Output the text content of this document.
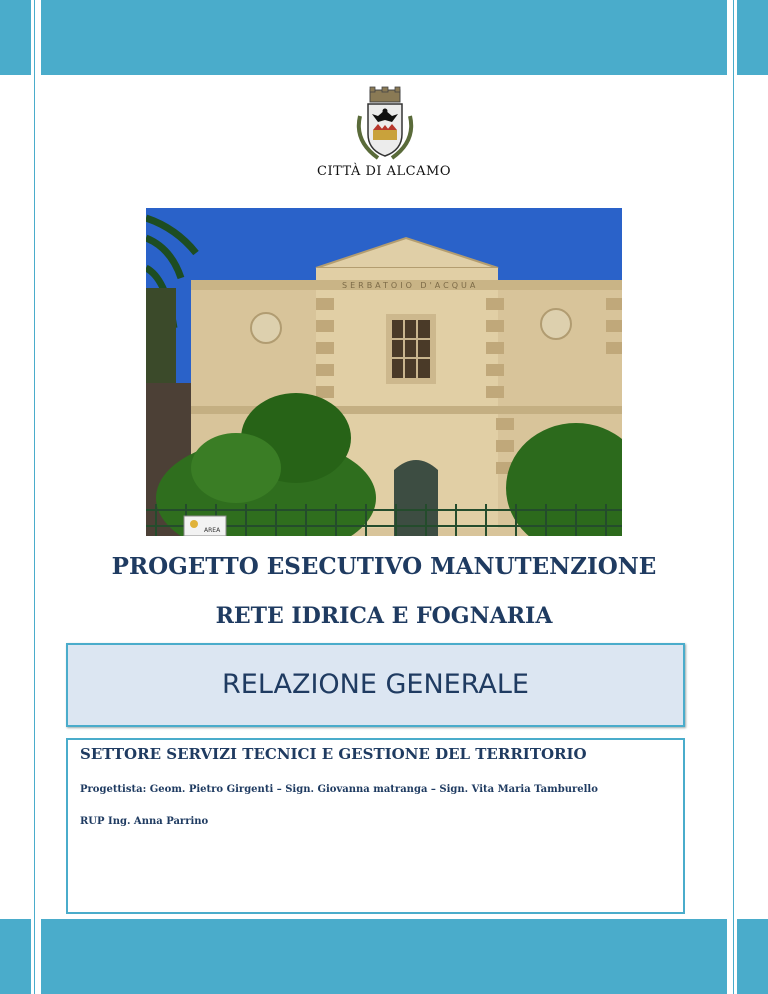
CITTÀ DI ALCAMO
SERBATOIO D'ACQUA
AREA
PROGETTO ESECUTIVO MANUTENZIONE
RETE IDRICA E FOGNARIA
RELAZIONE GENERALE
SETTORE SERVIZI TECNICI E GESTIONE DEL TERRITORIO
Progettista: Geom. Pietro Girgenti – Sign. Giovanna matranga – Sign. Vita Maria Tamburello
RUP Ing. Anna Parrino
